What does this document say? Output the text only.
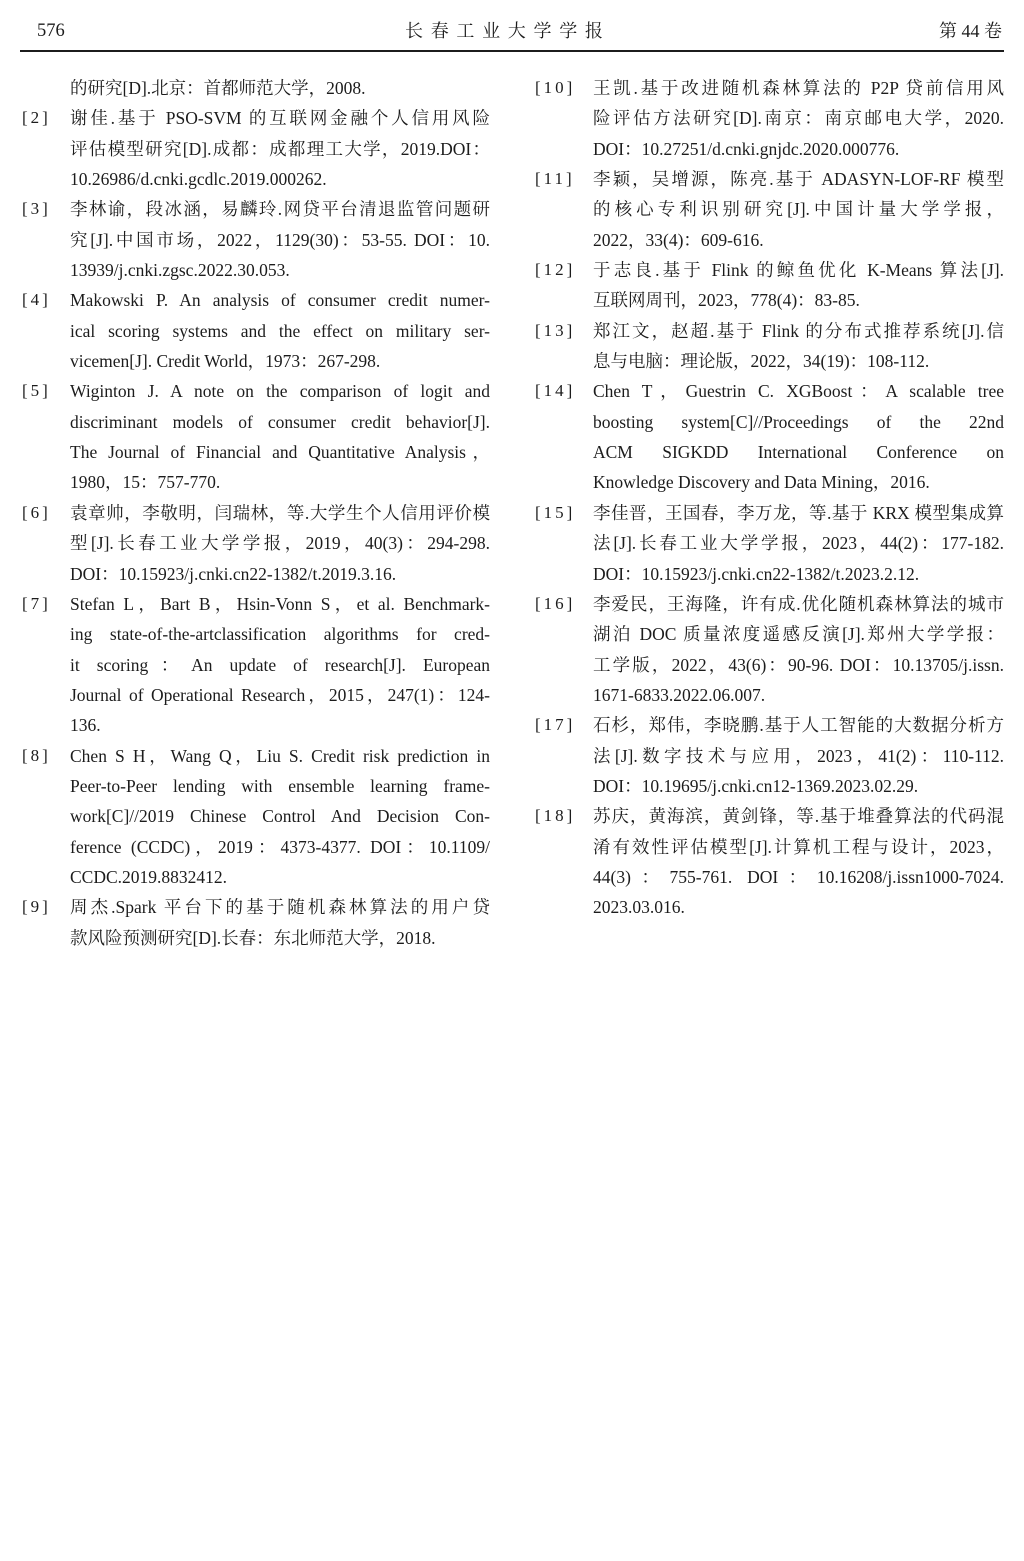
576	长春工业大学学报	第 44 卷
的研究[D].北京：首都师范大学，2008.
[2] 谢佳.基于 PSO-SVM 的互联网金融个人信用风险
评估模型研究[D].成都：成都理工大学，2019.DOI：
10.26986/d.cnki.gcdlc.2019.000262.
[3] 李林谕，段冰涵，易麟玲.网贷平台清退监管问题研
究[J].中国市场，2022，1129(30)：53-55. DOI：10.
13939/j.cnki.zgsc.2022.30.053.
[4] Makowski P. An analysis of consumer credit numer-
ical scoring systems and the effect on military ser-
vicemen[J]. Credit World，1973：267-298.
[5] Wiginton J. A note on the comparison of logit and
discriminant models of consumer credit behavior[J].
The Journal of Financial and Quantitative Analysis，
1980，15：757-770.
[6] 袁章帅，李敬明，闫瑞林，等.大学生个人信用评价模
型[J].长春工业大学学报，2019，40(3)：294-298.
DOI：10.15923/j.cnki.cn22-1382/t.2019.3.16.
[7] Stefan L，Bart B，Hsin-Vonn S，et al. Benchmark-
ing state-of-the-artclassification algorithms for cred-
it scoring：An update of research[J]. European
Journal of Operational Research，2015，247(1)：124-
136.
[8] Chen S H，Wang Q，Liu S. Credit risk prediction in
Peer-to-Peer lending with ensemble learning frame-
work[C]//2019 Chinese Control And Decision Con-
ference (CCDC)，2019：4373-4377. DOI：10.1109/
CCDC.2019.8832412.
[9] 周杰.Spark 平台下的基于随机森林算法的用户贷
款风险预测研究[D].长春：东北师范大学，2018.
[10] 王凯.基于改进随机森林算法的 P2P 贷前信用风
险评估方法研究[D].南京：南京邮电大学，2020.
DOI：10.27251/d.cnki.gnjdc.2020.000776.
[11] 李颖，吴增源，陈亮.基于 ADASYN-LOF-RF 模型
的核心专利识别研究[J].中国计量大学学报，
2022，33(4)：609-616.
[12] 于志良.基于 Flink 的鲸鱼优化 K-Means 算法[J].
互联网周刊，2023，778(4)：83-85.
[13] 郑江文，赵超.基于 Flink 的分布式推荐系统[J].信
息与电脑：理论版，2022，34(19)：108-112.
[14] Chen T，Guestrin C. XGBoost：A scalable tree
boosting system[C]//Proceedings of the 22nd
ACM SIGKDD International Conference on
Knowledge Discovery and Data Mining，2016.
[15] 李佳晋，王国春，李万龙，等.基于 KRX 模型集成算
法[J].长春工业大学学报，2023，44(2)：177-182.
DOI：10.15923/j.cnki.cn22-1382/t.2023.2.12.
[16] 李爱民，王海隆，许有成.优化随机森林算法的城市
湖泊 DOC 质量浓度遥感反演[J].郑州大学学报：
工学版，2022，43(6)：90-96. DOI：10.13705/j.issn.
1671-6833.2022.06.007.
[17] 石杉，郑伟，李晓鹏.基于人工智能的大数据分析方
法[J].数字技术与应用，2023，41(2)：110-112.
DOI：10.19695/j.cnki.cn12-1369.2023.02.29.
[18] 苏庆，黄海滨，黄剑锋，等.基于堆叠算法的代码混
淆有效性评估模型[J].计算机工程与设计，2023，
44(3)：755-761. DOI：10.16208/j.issn1000-7024.
2023.03.016.
